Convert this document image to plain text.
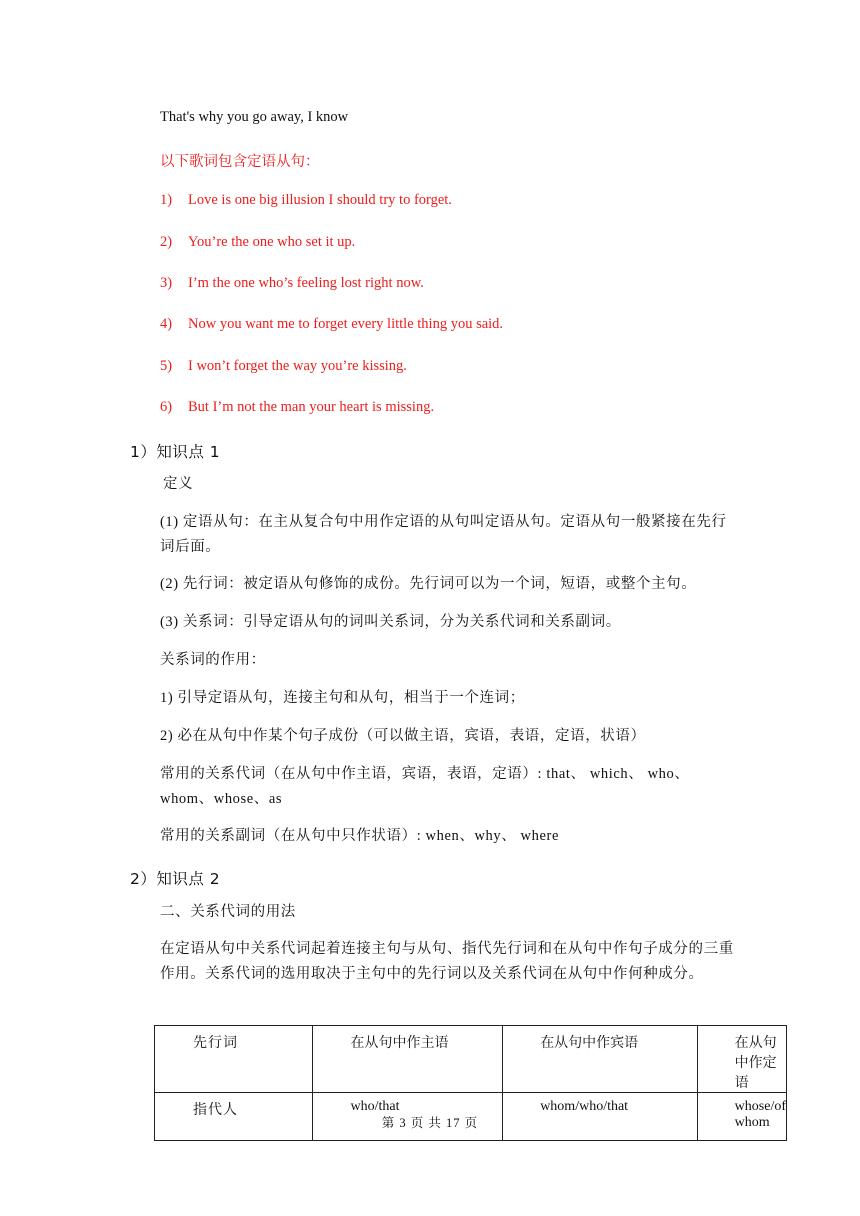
That's why you go away, I know
以下歌词包含定语从句：
1) Love is one big illusion I should try to forget.
2) You’re the one who set it up.
3) I’m the one who’s feeling lost right now.
4) Now you want me to forget every little thing you said.
5) I won’t forget the way you’re kissing.
6) But I’m not the man your heart is missing.
1）知识点 1
定义
(1) 定语从句：在主从复合句中用作定语的从句叫定语从句。定语从句一般紧接在先行词后面。
(2) 先行词：被定语从句修饰的成份。先行词可以为一个词，短语，或整个主句。
(3) 关系词：引导定语从句的词叫关系词，分为关系代词和关系副词。
关系词的作用：
1) 引导定语从句，连接主句和从句，相当于一个连词；
2) 必在从句中作某个句子成份（可以做主语，宾语，表语，定语，状语）
常用的关系代词（在从句中作主语，宾语，表语，定语）: that、 which、 who、whom、whose、as
常用的关系副词（在从句中只作状语）: when、why、 where
2）知识点 2
二、关系代词的用法
在定语从句中关系代词起着连接主句与从句、指代先行词和在从句中作句子成分的三重作用。关系代词的选用取决于主句中的先行词以及关系代词在从句中作何种成分。
先行词	在从句中作主语	在从句中作宾语	在从句中作定语
指代人	who/that	whom/who/that	whose/of whom
第 3 页 共 17 页
